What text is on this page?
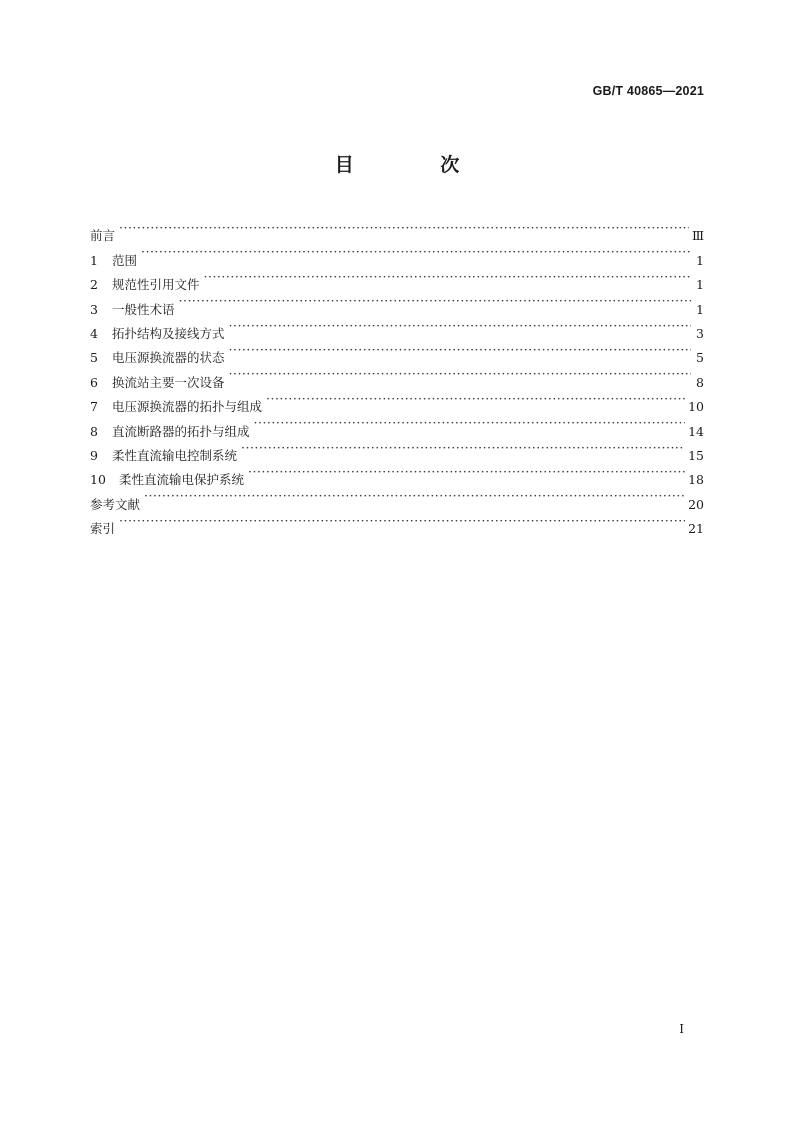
GB/T 40865—2021
目 次
前言 ·····	Ⅲ
1	范围 ·····	1
2	规范性引用文件 ·····	1
3	一般性术语 ·····	1
4	拓扑结构及接线方式 ·····	3
5	电压源换流器的状态 ·····	5
6	换流站主要一次设备 ·····	8
7	电压源换流器的拓扑与组成 ·····	10
8	直流断路器的拓扑与组成 ·····	14
9	柔性直流输电控制系统 ·····	15
10	柔性直流输电保护系统 ·····	18
参考文献 ·····	20
索引 ·····	21
I
